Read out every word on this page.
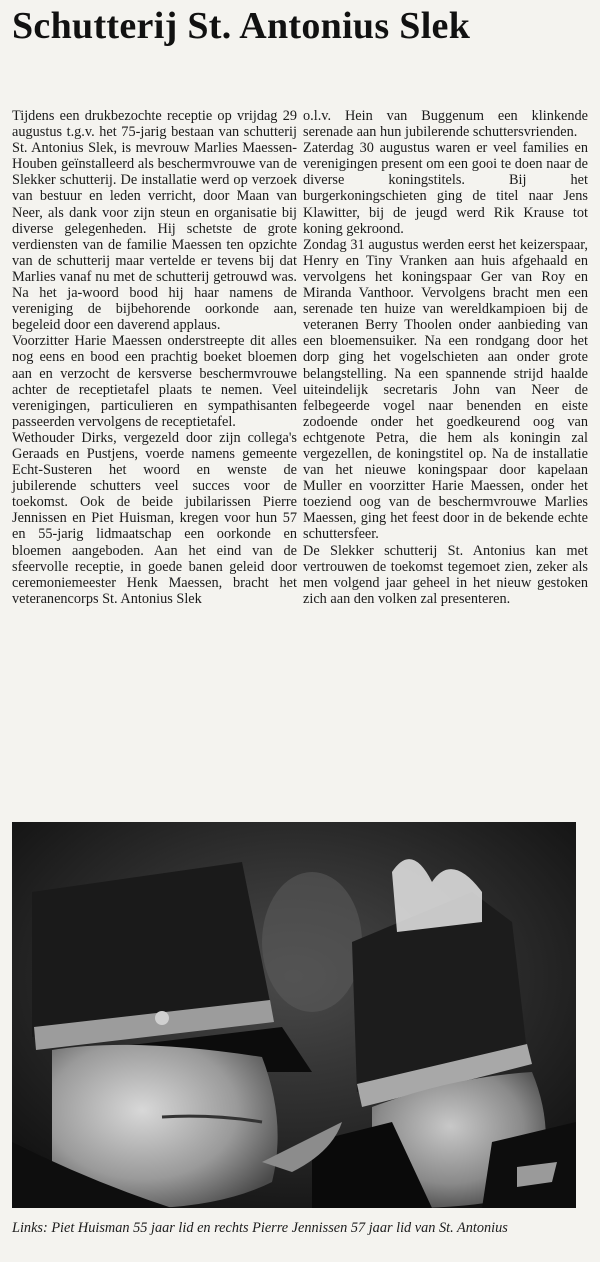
Schutterij St. Antonius Slek

Tijdens een drukbezochte receptie op vrijdag 29 augustus t.g.v. het 75-jarig bestaan van schutterij St. Antonius Slek, is mevrouw Marlies Maessen-Houben geïnstalleerd als beschermvrouwe van de Slekker schutterij. De installatie werd op verzoek van bestuur en leden verricht, door Maan van Neer, als dank voor zijn steun en organisatie bij diverse gelegenheden. Hij schetste de grote verdiensten van de familie Maessen ten opzichte van de schutterij maar vertelde er tevens bij dat Marlies vanaf nu met de schutterij getrouwd was. Na het ja-woord bood hij haar namens de vereniging de bijbehorende oorkonde aan, begeleid door een daverend applaus.

Voorzitter Harie Maessen onderstreepte dit alles nog eens en bood een prachtig boeket bloemen aan en verzocht de kersverse beschermvrouwe achter de receptietafel plaats te nemen. Veel verenigingen, particulieren en sympathisanten passeerden vervolgens de receptietafel.

Wethouder Dirks, vergezeld door zijn collega's Geraads en Pustjens, voerde namens gemeente Echt-Susteren het woord en wenste de jubilerende schutters veel succes voor de toekomst. Ook de beide jubilarissen Pierre Jennissen en Piet Huisman, kregen voor hun 57 en 55-jarig lidmaatschap een oorkonde en bloemen aangeboden. Aan het eind van de sfeervolle receptie, in goede banen geleid door ceremoniemeester Henk Maessen, bracht het veteranencorps St. Antonius Slek

o.l.v. Hein van Buggenum een klinkende serenade aan hun jubilerende schuttersvrienden.

Zaterdag 30 augustus waren er veel families en verenigingen present om een gooi te doen naar de diverse koningstitels. Bij het burgerkoningschieten ging de titel naar Jens Klawitter, bij de jeugd werd Rik Krause tot koning gekroond.

Zondag 31 augustus werden eerst het keizerspaar, Henry en Tiny Vranken aan huis afgehaald en vervolgens het koningspaar Ger van Roy en Miranda Vanthoor. Vervolgens bracht men een serenade ten huize van wereldkampioen bij de veteranen Berry Thoolen onder aanbieding van een bloemensuiker. Na een rondgang door het dorp ging het vogelschieten aan onder grote belangstelling. Na een spannende strijd haalde uiteindelijk secretaris John van Neer de felbegeerde vogel naar benenden en eiste zodoende onder het goedkeurend oog van echtgenote Petra, die hem als koningin zal vergezellen, de koningstitel op. Na de installatie van het nieuwe koningspaar door kapelaan Muller en voorzitter Harie Maessen, onder het toeziend oog van de beschermvrouwe Marlies Maessen, ging het feest door in de bekende echte schuttersfeer.

De Slekker schutterij St. Antonius kan met vertrouwen de toekomst tegemoet zien, zeker als men volgend jaar geheel in het nieuw gestoken zich aan den volken zal presenteren.

Links: Piet Huisman 55 jaar lid en rechts Pierre Jennissen 57 jaar lid van St. Antonius
